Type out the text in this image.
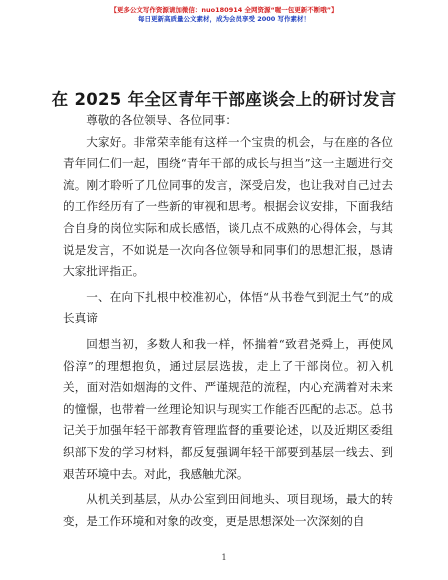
【更多公文写作资源请加微信：nuo180914 全网资源“喔一包更新不断哦”】
每日更新高质量公文素材，成为会员享受 2000 写作素材！
在 2025 年全区青年干部座谈会上的研讨发言

尊敬的各位领导、各位同事：

大家好。非常荣幸能有这样一个宝贵的机会，与在座的各位青年同仁们一起，围绕“青年干部的成长与担当”这一主题进行交流。刚才聆听了几位同事的发言，深受启发，也让我对自己过去的工作经历有了一些新的审视和思考。根据会议安排，下面我结合自身的岗位实际和成长感悟，谈几点不成熟的心得体会，与其说是发言，不如说是一次向各位领导和同事们的思想汇报，恳请大家批评指正。

一、在向下扎根中校准初心，体悟“从书卷气到泥土气”的成长真谛

回想当初，多数人和我一样，怀揣着“致君尧舜上，再使风俗淳”的理想抱负，通过层层选拔，走上了干部岗位。初入机关，面对浩如烟海的文件、严谨规范的流程，内心充满着对未来的憧憬，也带着一丝理论知识与现实工作能否匹配的忐忑。总书记关于加强年轻干部教育管理监督的重要论述，以及近期区委组织部下发的学习材料，都反复强调年轻干部要到基层一线去、到艰苦环境中去。对此，我感触尤深。

从机关到基层，从办公室到田间地头、项目现场，最大的转变，是工作环境和对象的改变，更是思想深处一次深刻的自

1
